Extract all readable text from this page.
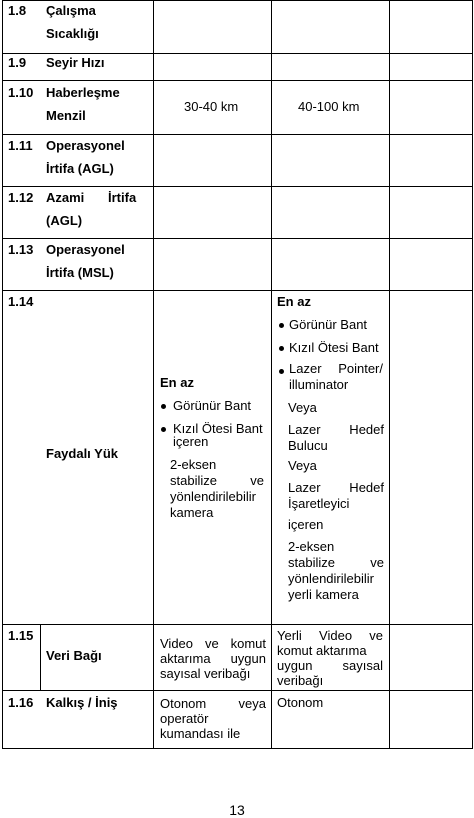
1.8 Çalışma
Sıcaklığı
1.9 Seyir Hızı
1.10 Haberleşme
Menzil
30-40 km	40-100 km
1.11 Operasyonel
İrtifa (AGL)
1.12 Azami İrtifa
(AGL)
1.13 Operasyonel
İrtifa (MSL)
1.14
Faydalı Yük
En az
Görünür Bant
Kızıl Ötesi Bant
içeren
2-eksen
stabilize ve
yönlendirilebilir
kamera
En az
Görünür Bant
Kızıl Ötesi Bant
Lazer Pointer/
illuminator
Veya
Lazer Hedef
Bulucu
Veya
Lazer Hedef
İşaretleyici
içeren
2-eksen
stabilize ve
yönlendirilebilir
yerli kamera
1.15
Veri Bağı
Video ve komut
aktarıma uygun
sayısal veribağı
Yerli Video ve
komut aktarıma
uygun sayısal
veribağı
1.16 Kalkış / İniş	Otonom veya
operatör
kumandası ile
Otonom
13
